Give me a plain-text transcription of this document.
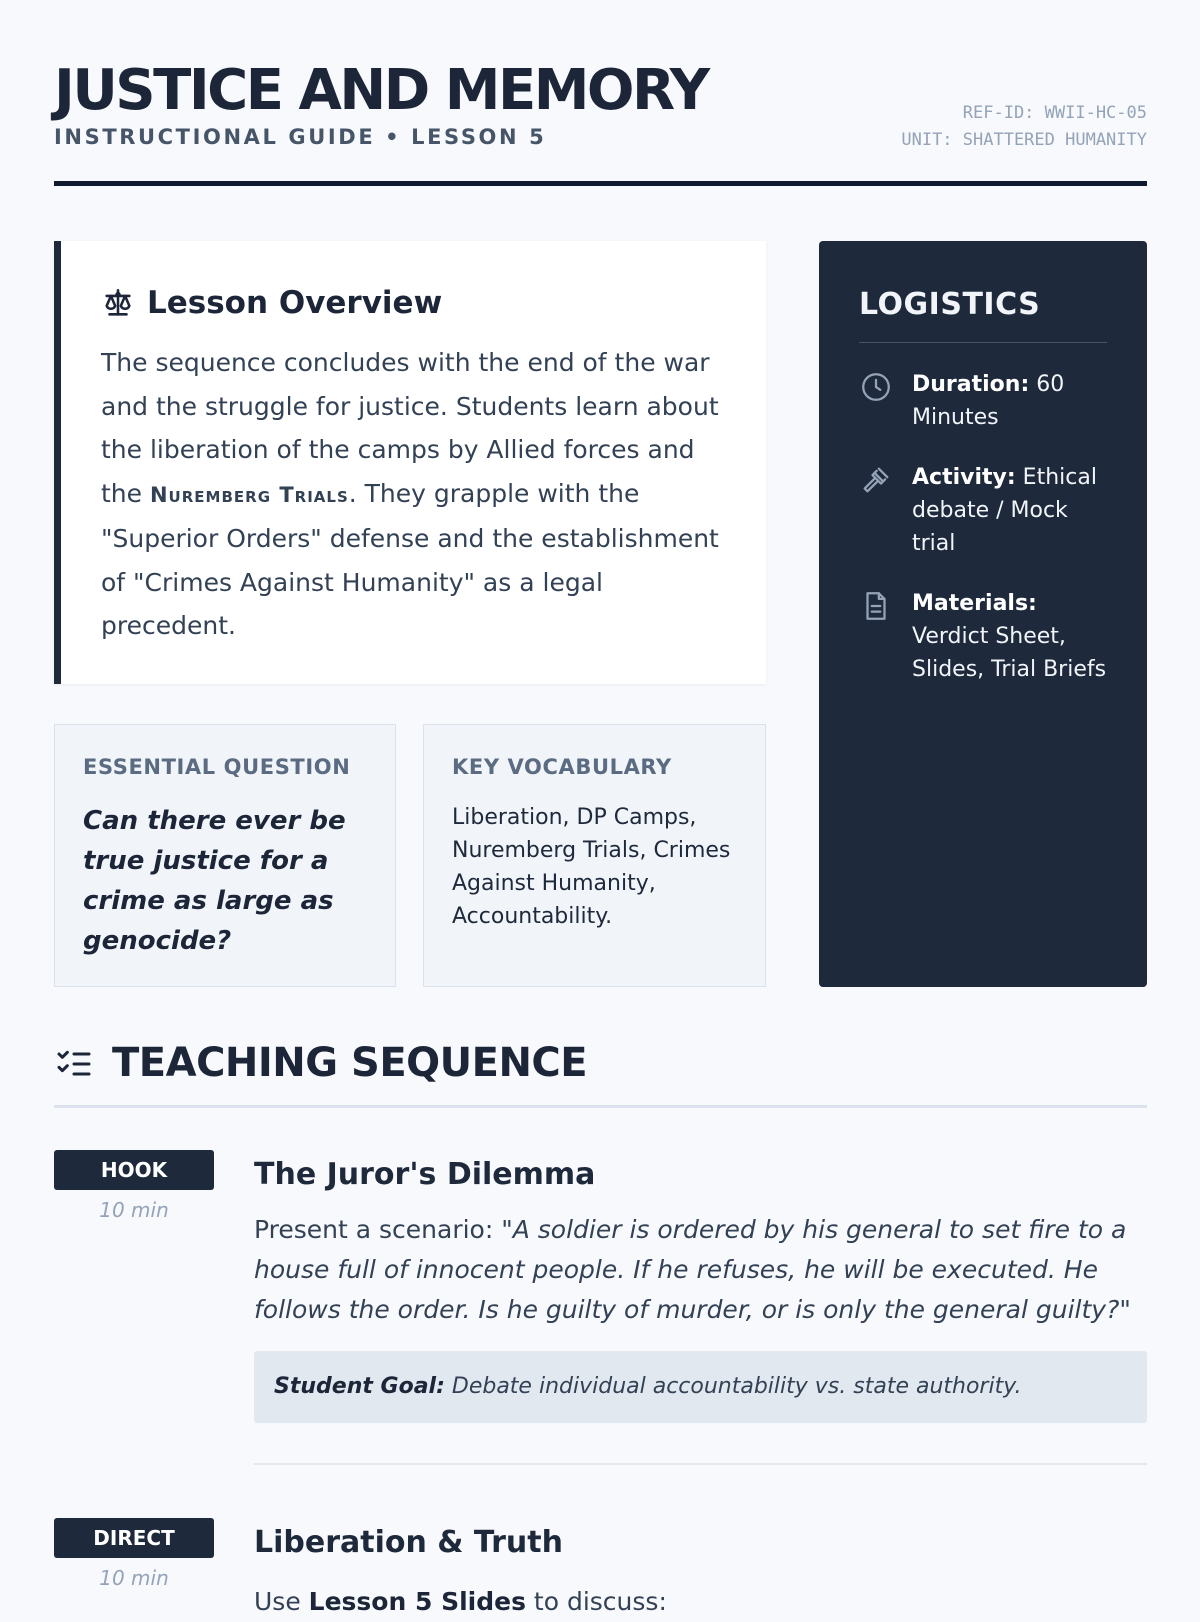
JUSTICE AND MEMORY
INSTRUCTIONAL GUIDE • LESSON 5
REF-ID: WWII-HC-05
UNIT: SHATTERED HUMANITY
Lesson Overview

The sequence concludes with the end of the war and the struggle for justice. Students learn about the liberation of the camps by Allied forces and the Nuremberg Trials. They grapple with the "Superior Orders" defense and the establishment of "Crimes Against Humanity" as a legal precedent.

LOGISTICS
Duration: 60 Minutes
Activity: Ethical debate / Mock trial
Materials: Verdict Sheet, Slides, Trial Briefs
ESSENTIAL QUESTION
Can there ever be true justice for a crime as large as genocide?
KEY VOCABULARY
Liberation, DP Camps, Nuremberg Trials, Crimes Against Humanity, Accountability.
TEACHING SEQUENCE
HOOK
10 min
The Juror's Dilemma

Present a scenario: "A soldier is ordered by his general to set fire to a house full of innocent people. If he refuses, he will be executed. He follows the order. Is he guilty of murder, or is only the general guilty?"

Student Goal: Debate individual accountability vs. state authority.
DIRECT
10 min
Liberation & Truth

Use Lesson 5 Slides to discuss:
